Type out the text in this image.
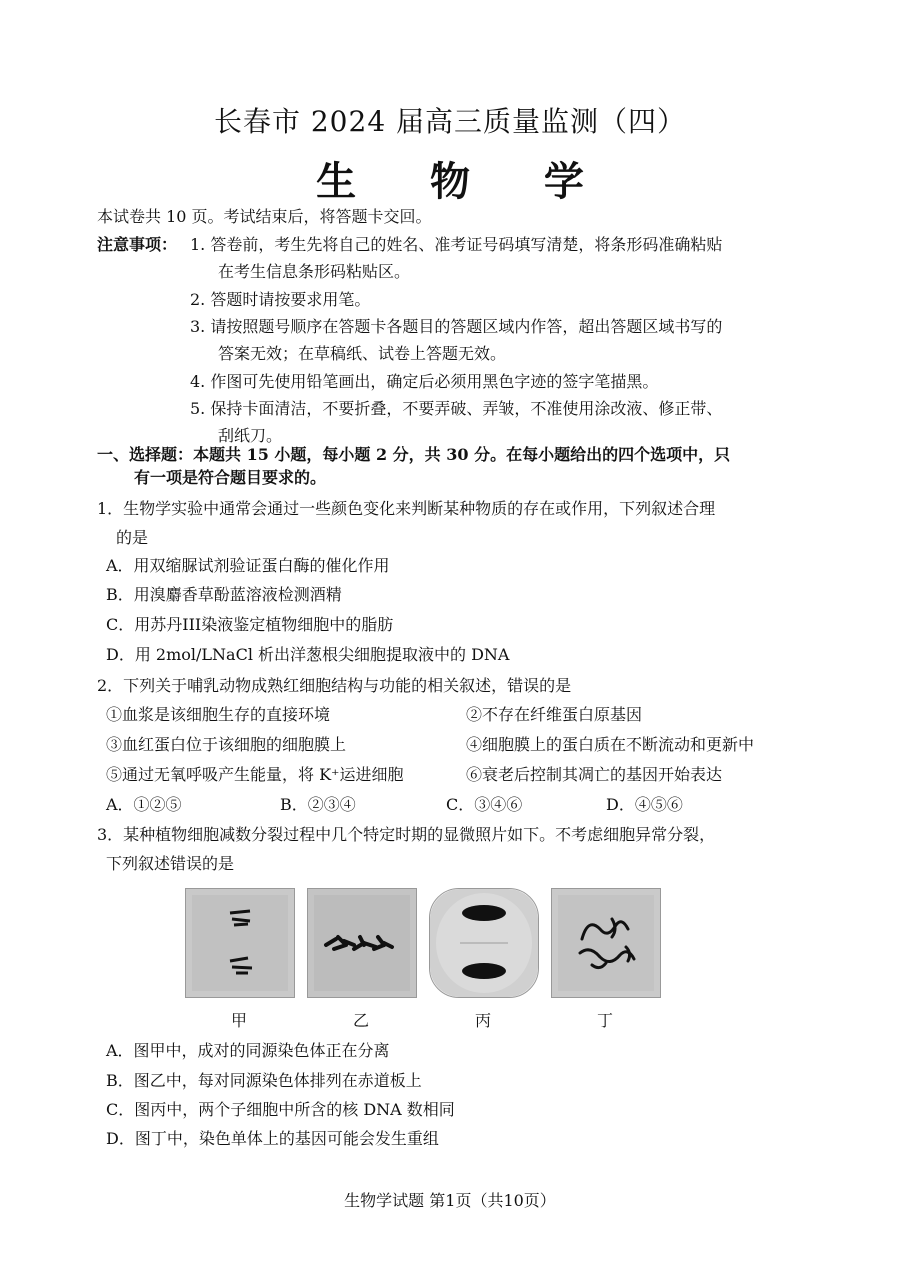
长春市 2024 届高三质量监测（四）
生 物 学
本试卷共 10 页。考试结束后，将答题卡交回。
注意事项： 1. 答卷前，考生先将自己的姓名、准考证号码填写清楚，将条形码准确粘贴
在考生信息条形码粘贴区。
2. 答题时请按要求用笔。
3. 请按照题号顺序在答题卡各题目的答题区域内作答，超出答题区域书写的
答案无效；在草稿纸、试卷上答题无效。
4. 作图可先使用铅笔画出，确定后必须用黑色字迹的签字笔描黑。
5. 保持卡面清洁，不要折叠，不要弄破、弄皱，不准使用涂改液、修正带、
刮纸刀。
一、选择题：本题共 15 小题，每小题 2 分，共 30 分。在每小题给出的四个选项中，只
有一项是符合题目要求的。
1．生物学实验中通常会通过一些颜色变化来判断某种物质的存在或作用，下列叙述合理
的是
A．用双缩脲试剂验证蛋白酶的催化作用
B．用溴麝香草酚蓝溶液检测酒精
C．用苏丹III染液鉴定植物细胞中的脂肪
D．用 2mol/LNaCl 析出洋葱根尖细胞提取液中的 DNA
2．下列关于哺乳动物成熟红细胞结构与功能的相关叙述，错误的是
①血浆是该细胞生存的直接环境	②不存在纤维蛋白原基因
③血红蛋白位于该细胞的细胞膜上	④细胞膜上的蛋白质在不断流动和更新中
⑤通过无氧呼吸产生能量，将 K⁺运进细胞	⑥衰老后控制其凋亡的基因开始表达
A．①②⑤	B．②③④	C．③④⑥	D．④⑤⑥
3．某种植物细胞减数分裂过程中几个特定时期的显微照片如下。不考虑细胞异常分裂，
下列叙述错误的是
甲	乙	丙	丁
A．图甲中，成对的同源染色体正在分离
B．图乙中，每对同源染色体排列在赤道板上
C．图丙中，两个子细胞中所含的核 DNA 数相同
D．图丁中，染色单体上的基因可能会发生重组
生物学试题 第1页（共10页）
